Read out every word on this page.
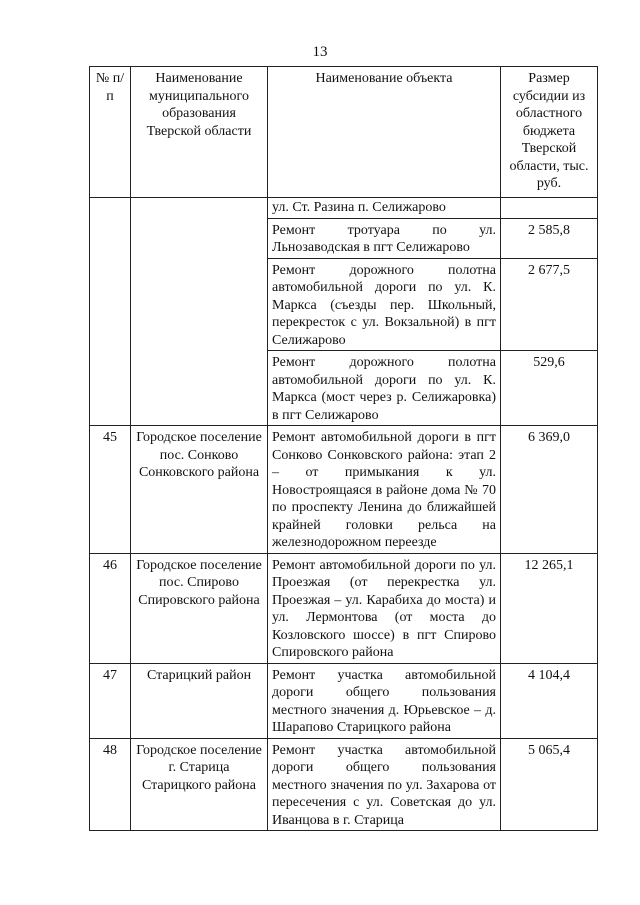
13
№ п/п	Наименование муниципального образования Тверской области	Наименование объекта	Размер субсидии из областного бюджета Тверской области, тыс. руб.
		ул. Ст. Разина п. Селижарово	
		Ремонт тротуара по ул. Льнозаводская в пгт Селижарово	2 585,8
		Ремонт дорожного полотна автомобильной дороги по ул. К. Маркса (съезды пер. Школьный, перекресток с ул. Вокзальной) в пгт Селижарово	2 677,5
		Ремонт дорожного полотна автомобильной дороги по ул. К. Маркса (мост через р. Селижаровка) в пгт Селижарово	529,6
45	Городское поселение пос. Сонково Сонковского района	Ремонт автомобильной дороги в пгт Сонково Сонковского района: этап 2 – от примыкания к ул. Новостроящаяся в районе дома № 70 по проспекту Ленина до ближайшей крайней головки рельса на железнодорожном переезде	6 369,0
46	Городское поселение пос. Спирово Спировского района	Ремонт автомобильной дороги по ул. Проезжая (от перекрестка ул. Проезжая – ул. Карабиха до моста) и ул. Лермонтова (от моста до Козловского шоссе) в пгт Спирово Спировского района	12 265,1
47	Старицкий район	Ремонт участка автомобильной дороги общего пользования местного значения д. Юрьевское – д. Шарапово Старицкого района	4 104,4
48	Городское поселение г. Старица Старицкого района	Ремонт участка автомобильной дороги общего пользования местного значения по ул. Захарова от пересечения с ул. Советская до ул. Иванцова в г. Старица	5 065,4
